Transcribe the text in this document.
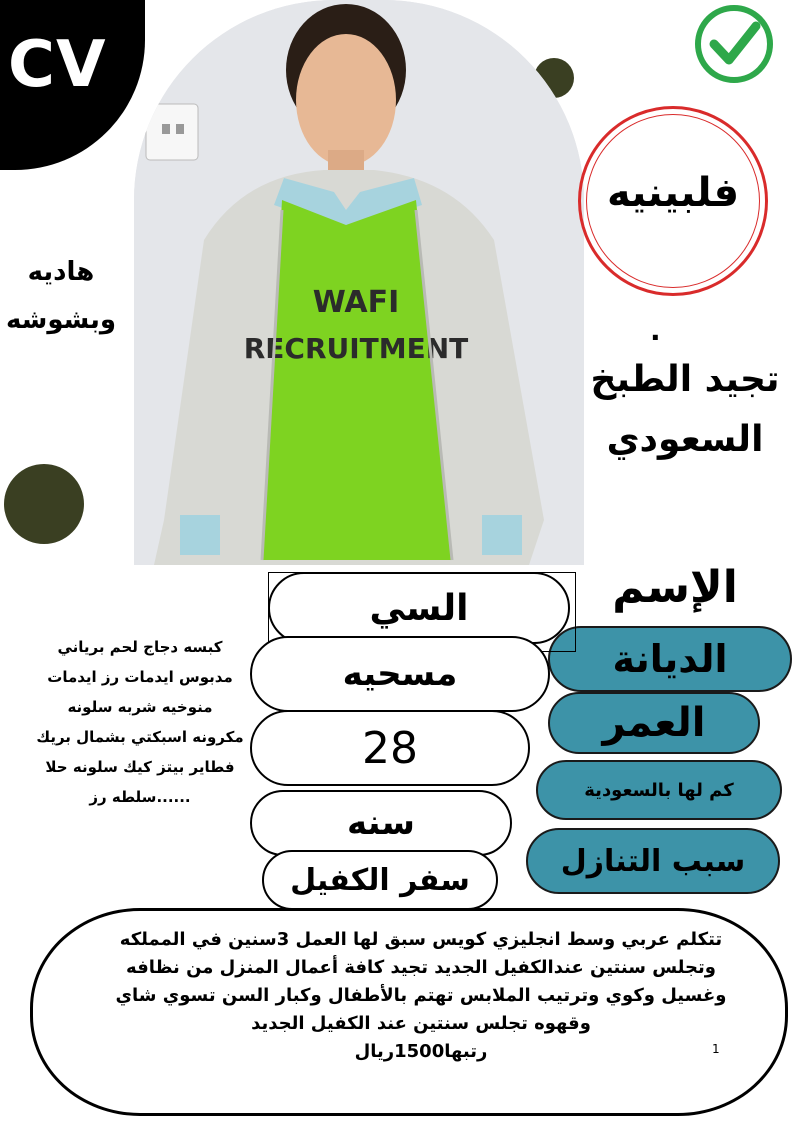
CV
WAFI
RECRUITMENT
فلبينيه
.
تجيد الطبخ
السعودي
هاديه
وبشوشه
الإسم
الديانة
العمر
كم لها بالسعودية
سبب التنازل
السي
مسحيه
28
سنه
سفر الكفيل
كبسه دجاج لحم برياني
مدبوس ايدمات رز ايدمات
منوخيه شربه سلونه
مكرونه اسبكتي بشمال بريك
فطاير بيتز كيك سلونه حلا
سلطه رز......
تتكلم عربي وسط انجليزي كويس سبق لها العمل 3سنين في المملكه
وتجلس سنتين عندالكفيل الجديد تجيد كافة أعمال المنزل من نظافه
وغسيل وكوي وترتيب الملابس تهتم بالأطفال وكبار السن تسوي شاي
وقهوه تجلس سنتين عند الكفيل الجديد
رتبها1500ريال	1
